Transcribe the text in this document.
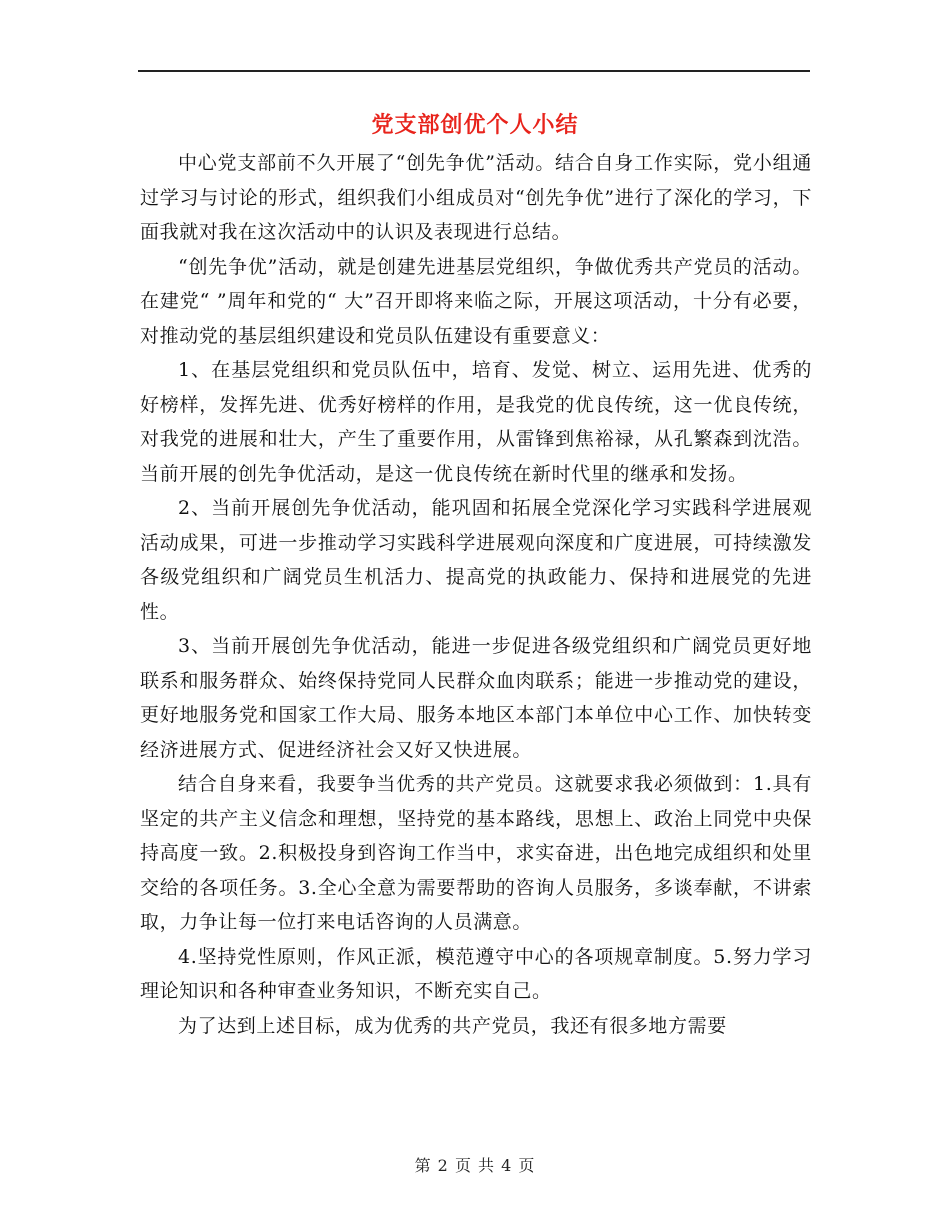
党支部创优个人小结

中心党支部前不久开展了“创先争优”活动。结合自身工作实际，党小组通过学习与讨论的形式，组织我们小组成员对“创先争优”进行了深化的学习，下面我就对我在这次活动中的认识及表现进行总结。

“创先争优”活动，就是创建先进基层党组织，争做优秀共产党员的活动。在建党“ ”周年和党的“ 大”召开即将来临之际，开展这项活动，十分有必要，对推动党的基层组织建设和党员队伍建设有重要意义：

1、在基层党组织和党员队伍中，培育、发觉、树立、运用先进、优秀的好榜样，发挥先进、优秀好榜样的作用，是我党的优良传统，这一优良传统，对我党的进展和壮大，产生了重要作用，从雷锋到焦裕禄，从孔繁森到沈浩。当前开展的创先争优活动，是这一优良传统在新时代里的继承和发扬。

2、当前开展创先争优活动，能巩固和拓展全党深化学习实践科学进展观活动成果，可进一步推动学习实践科学进展观向深度和广度进展，可持续激发各级党组织和广阔党员生机活力、提高党的执政能力、保持和进展党的先进性。

3、当前开展创先争优活动，能进一步促进各级党组织和广阔党员更好地联系和服务群众、始终保持党同人民群众血肉联系；能进一步推动党的建设，更好地服务党和国家工作大局、服务本地区本部门本单位中心工作、加快转变经济进展方式、促进经济社会又好又快进展。

结合自身来看，我要争当优秀的共产党员。这就要求我必须做到：1.具有坚定的共产主义信念和理想，坚持党的基本路线，思想上、政治上同党中央保持高度一致。2.积极投身到咨询工作当中，求实奋进，出色地完成组织和处里交给的各项任务。3.全心全意为需要帮助的咨询人员服务，多谈奉献，不讲索取，力争让每一位打来电话咨询的人员满意。

4.坚持党性原则，作风正派，模范遵守中心的各项规章制度。5.努力学习理论知识和各种审查业务知识，不断充实自己。

为了达到上述目标，成为优秀的共产党员，我还有很多地方需要

第 2 页 共 4 页
